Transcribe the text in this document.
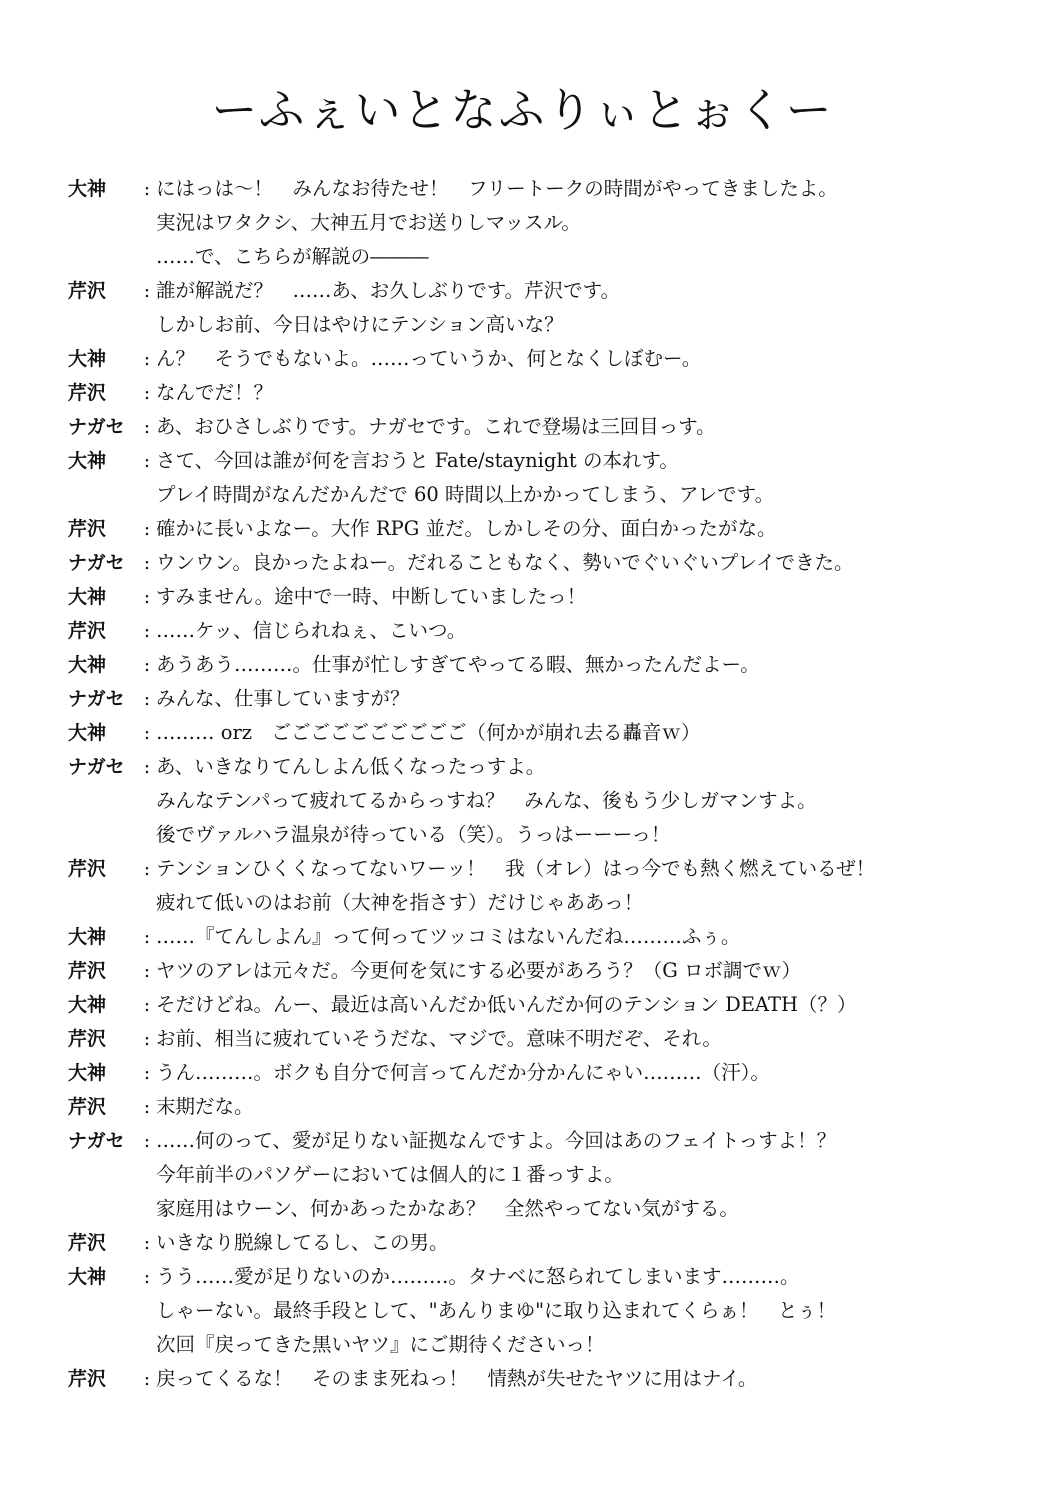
ーふぇいとなふりぃとぉくー
大神	: にはっは～！　みんなお待たせ！　フリートークの時間がやってきましたよ。
実況はワタクシ、大神五月でお送りしマッスル。
……で、こちらが解説の―――
芹沢	: 誰が解説だ？　……あ、お久しぶりです。芹沢です。
しかしお前、今日はやけにテンション高いな？
大神	: ん？　そうでもないよ。……っていうか、何となくしぼむー。
芹沢	: なんでだ！？
ナガセ	: あ、おひさしぶりです。ナガセです。これで登場は三回目っす。
大神	: さて、今回は誰が何を言おうと Fate/staynight の本れす。
プレイ時間がなんだかんだで 60 時間以上かかってしまう、アレです。
芹沢	: 確かに長いよなー。大作 RPG 並だ。しかしその分、面白かったがな。
ナガセ	: ウンウン。良かったよねー。だれることもなく、勢いでぐいぐいプレイできた。
大神	: すみません。途中で一時、中断していましたっ！
芹沢	: ……ケッ、信じられねぇ、こいつ。
大神	: あうあう………。仕事が忙しすぎてやってる暇、無かったんだよー。
ナガセ	: みんな、仕事していますが？
大神	: ……… orz　ごごごごごごごごごご（何かが崩れ去る轟音ｗ）
ナガセ	: あ、いきなりてんしよん低くなったっすよ。
みんなテンパって疲れてるからっすね？　みんな、後もう少しガマンすよ。
後でヴァルハラ温泉が待っている（笑）。うっはーーーっ！
芹沢	: テンションひくくなってないワーッ！　我（オレ）はっ今でも熱く燃えているぜ！
疲れて低いのはお前（大神を指さす）だけじゃああっ！
大神	: ……『てんしよん』って何ってツッコミはないんだね………ふぅ。
芹沢	: ヤツのアレは元々だ。今更何を気にする必要があろう？（G ロボ調でｗ）
大神	: そだけどね。んー、最近は高いんだか低いんだか何のテンション DEATH（？）
芹沢	: お前、相当に疲れていそうだな、マジで。意味不明だぞ、それ。
大神	: うん………。ボクも自分で何言ってんだか分かんにゃい………（汗）。
芹沢	: 末期だな。
ナガセ	: ……何のって、愛が足りない証拠なんですよ。今回はあのフェイトっすよ！？
今年前半のパソゲーにおいては個人的に１番っすよ。
家庭用はウーン、何かあったかなあ？　全然やってない気がする。
芹沢	: いきなり脱線してるし、この男。
大神	: うう……愛が足りないのか………。タナベに怒られてしまいます………。
しゃーない。最終手段として、"あんりまゆ"に取り込まれてくらぁ！　とぅ！
次回『戻ってきた黒いヤツ』にご期待くださいっ！
芹沢	: 戻ってくるな！　そのまま死ねっ！　情熱が失せたヤツに用はナイ。
